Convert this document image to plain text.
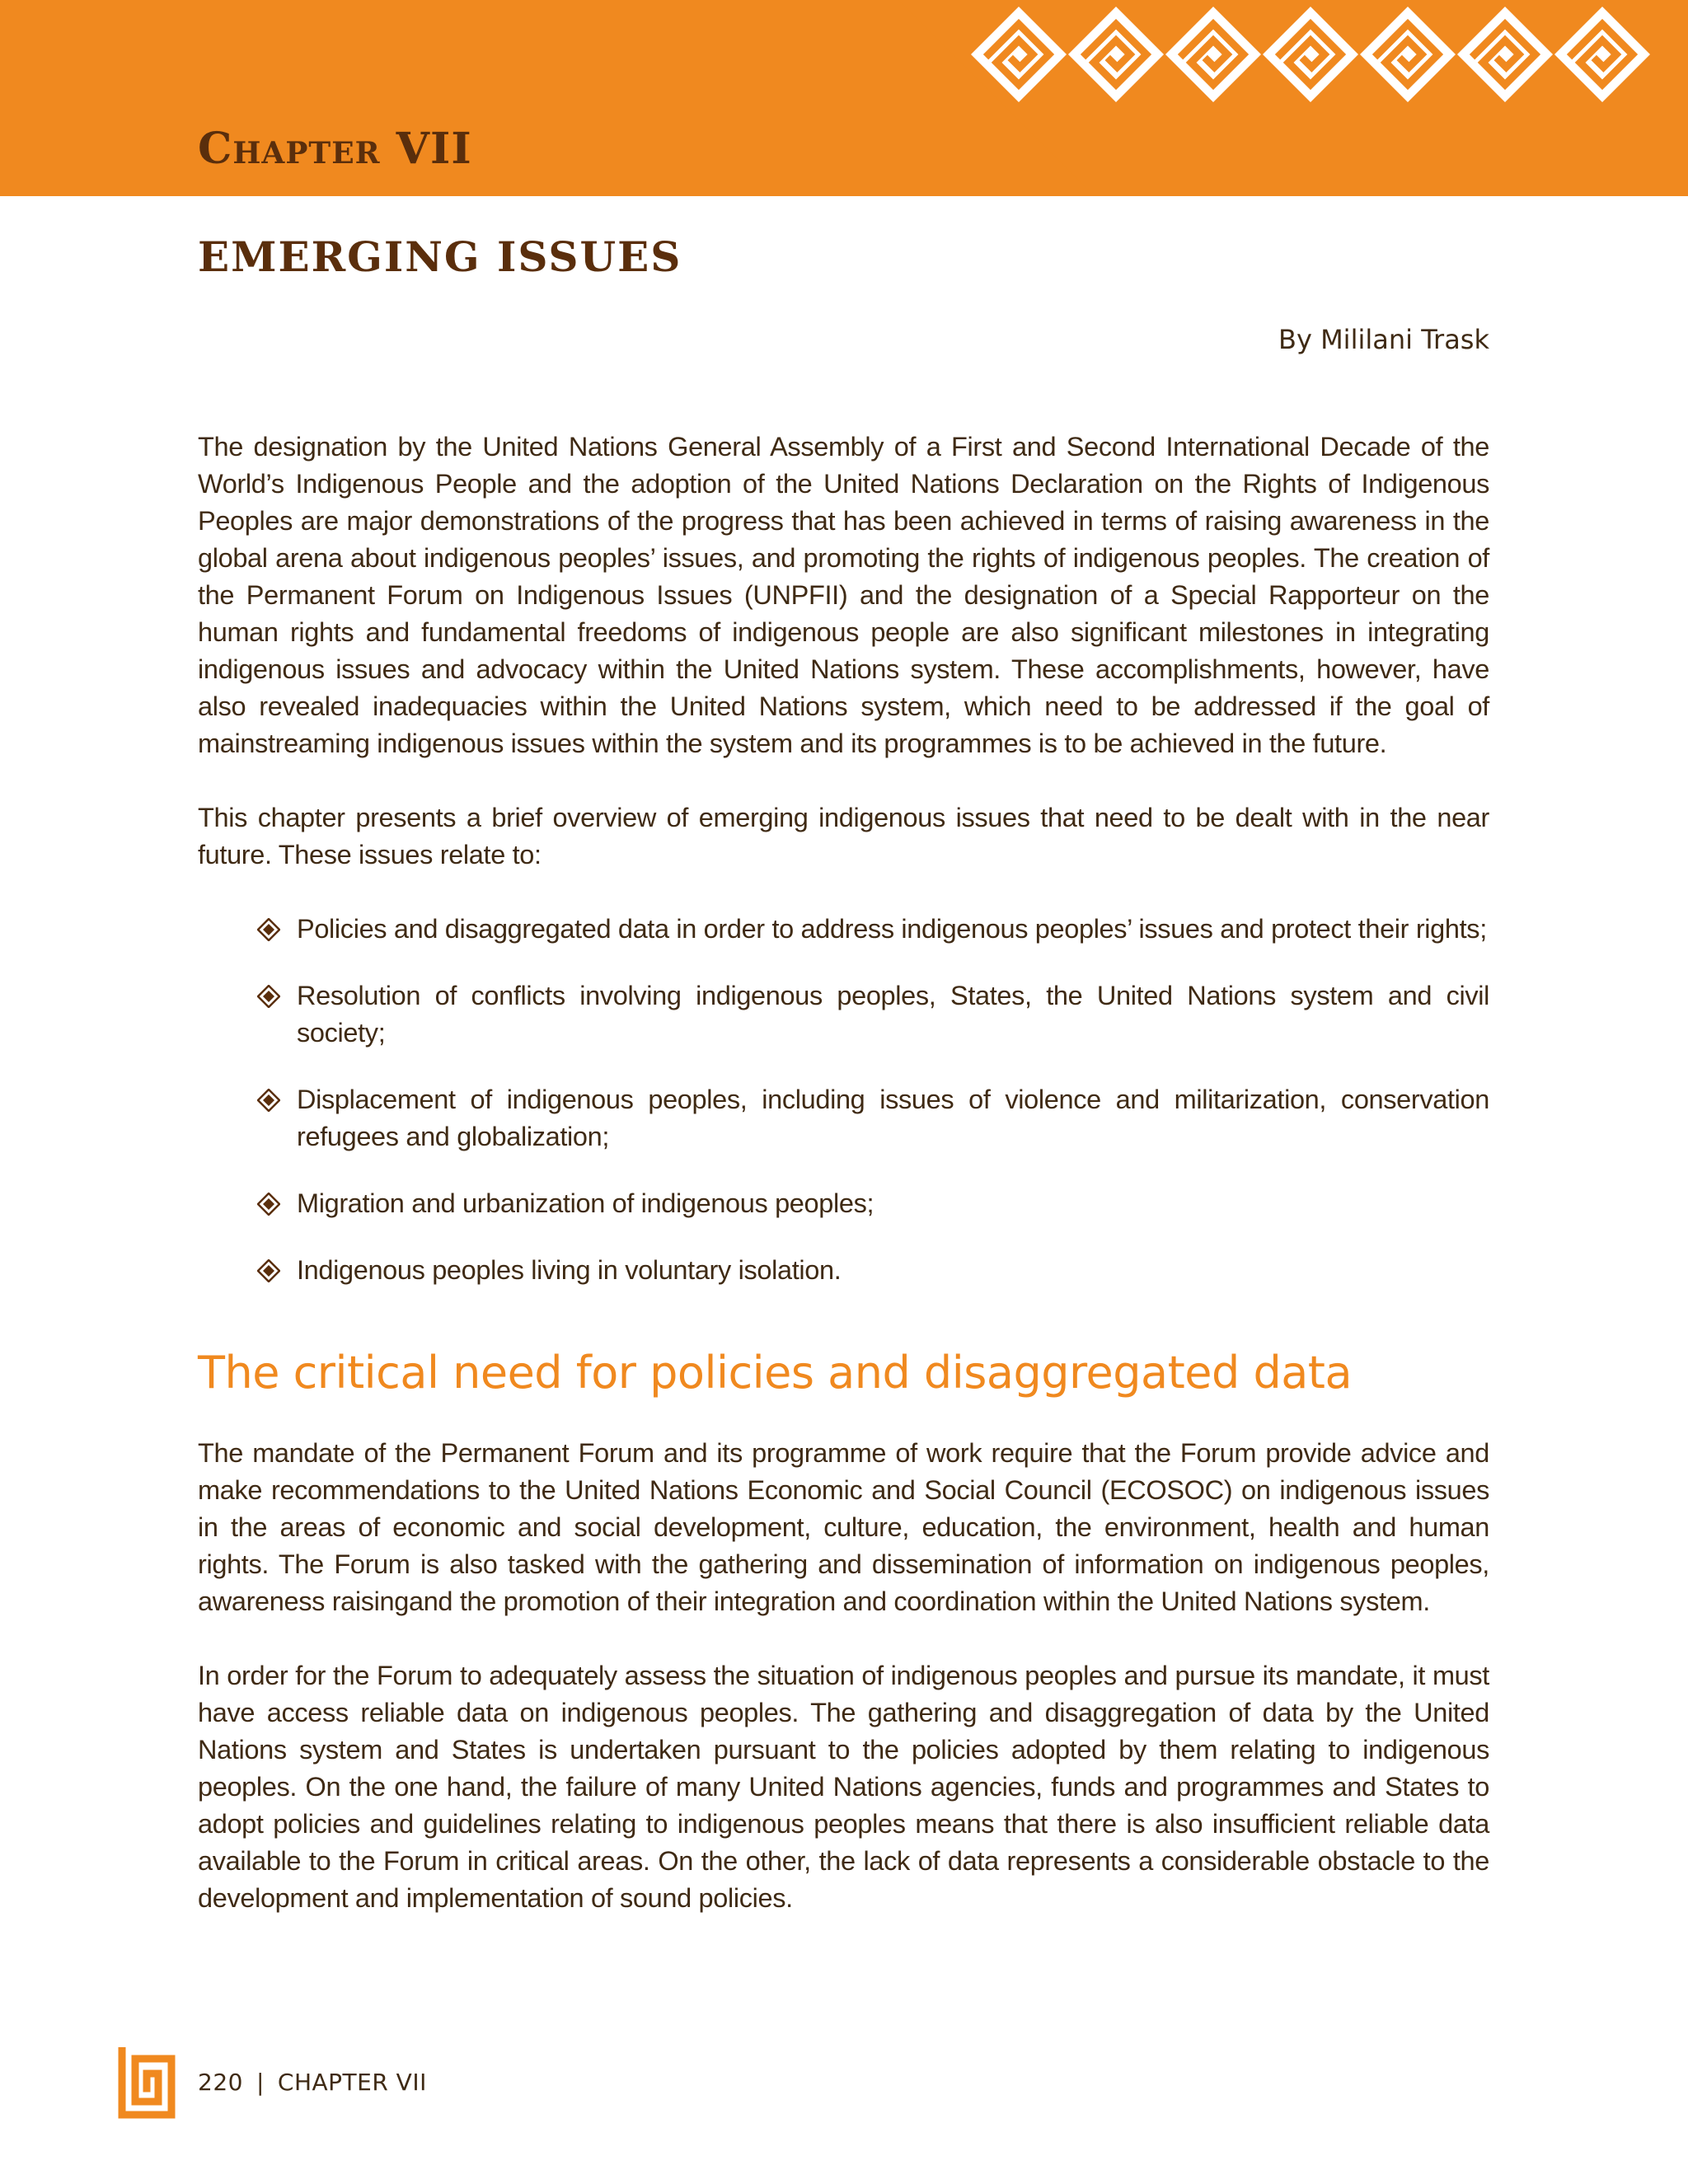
Chapter VII
EMERGING ISSUES
By Mililani Trask

The designation by the United Nations General Assembly of a First and Second International Decade of the World’s Indigenous People and the adoption of the United Nations Declaration on the Rights of Indigenous Peoples are major demonstrations of the progress that has been achieved in terms of raising awareness in the global arena about indigenous peoples’ issues, and promoting the rights of indigenous peoples. The creation of the Permanent Forum on Indigenous Issues (UNPFII) and the designation of a Special Rapporteur on the human rights and fundamental freedoms of indigenous people are also significant milestones in integrating indigenous issues and advocacy within the United Nations system. These accomplishments, however, have also revealed inadequacies within the United Nations system, which need to be addressed if the goal of mainstreaming indigenous issues within the system and its programmes is to be achieved in the future.

This chapter presents a brief overview of emerging indigenous issues that need to be dealt with in the near future. These issues relate to:

Policies and disaggregated data in order to address indigenous peoples’ issues and protect their rights;
Resolution of conflicts involving indigenous peoples, States, the United Nations system and civil society;
Displacement of indigenous peoples, including issues of violence and militarization, conservation refugees and globalization;
Migration and urbanization of indigenous peoples;
Indigenous peoples living in voluntary isolation.
The critical need for policies and disaggregated data

The mandate of the Permanent Forum and its programme of work require that the Forum provide advice and make recommendations to the United Nations Economic and Social Council (ECOSOC) on indigenous issues in the areas of economic and social development, culture, education, the environment, health and human rights. The Forum is also tasked with the gathering and dissemination of information on indigenous peoples, awareness raisingand the promotion of their integration and coordination within the United Nations system.

In order for the Forum to adequately assess the situation of indigenous peoples and pursue its mandate, it must have access reliable data on indigenous peoples. The gathering and disaggregation of data by the United Nations system and States is undertaken pursuant to the policies adopted by them relating to indigenous peoples. On the one hand, the failure of many United Nations agencies, funds and programmes and States to adopt policies and guidelines relating to indigenous peoples means that there is also insufficient reliable data available to the Forum in critical areas. On the other, the lack of data represents a considerable obstacle to the development and implementation of sound policies.

220 | CHAPTER VII
